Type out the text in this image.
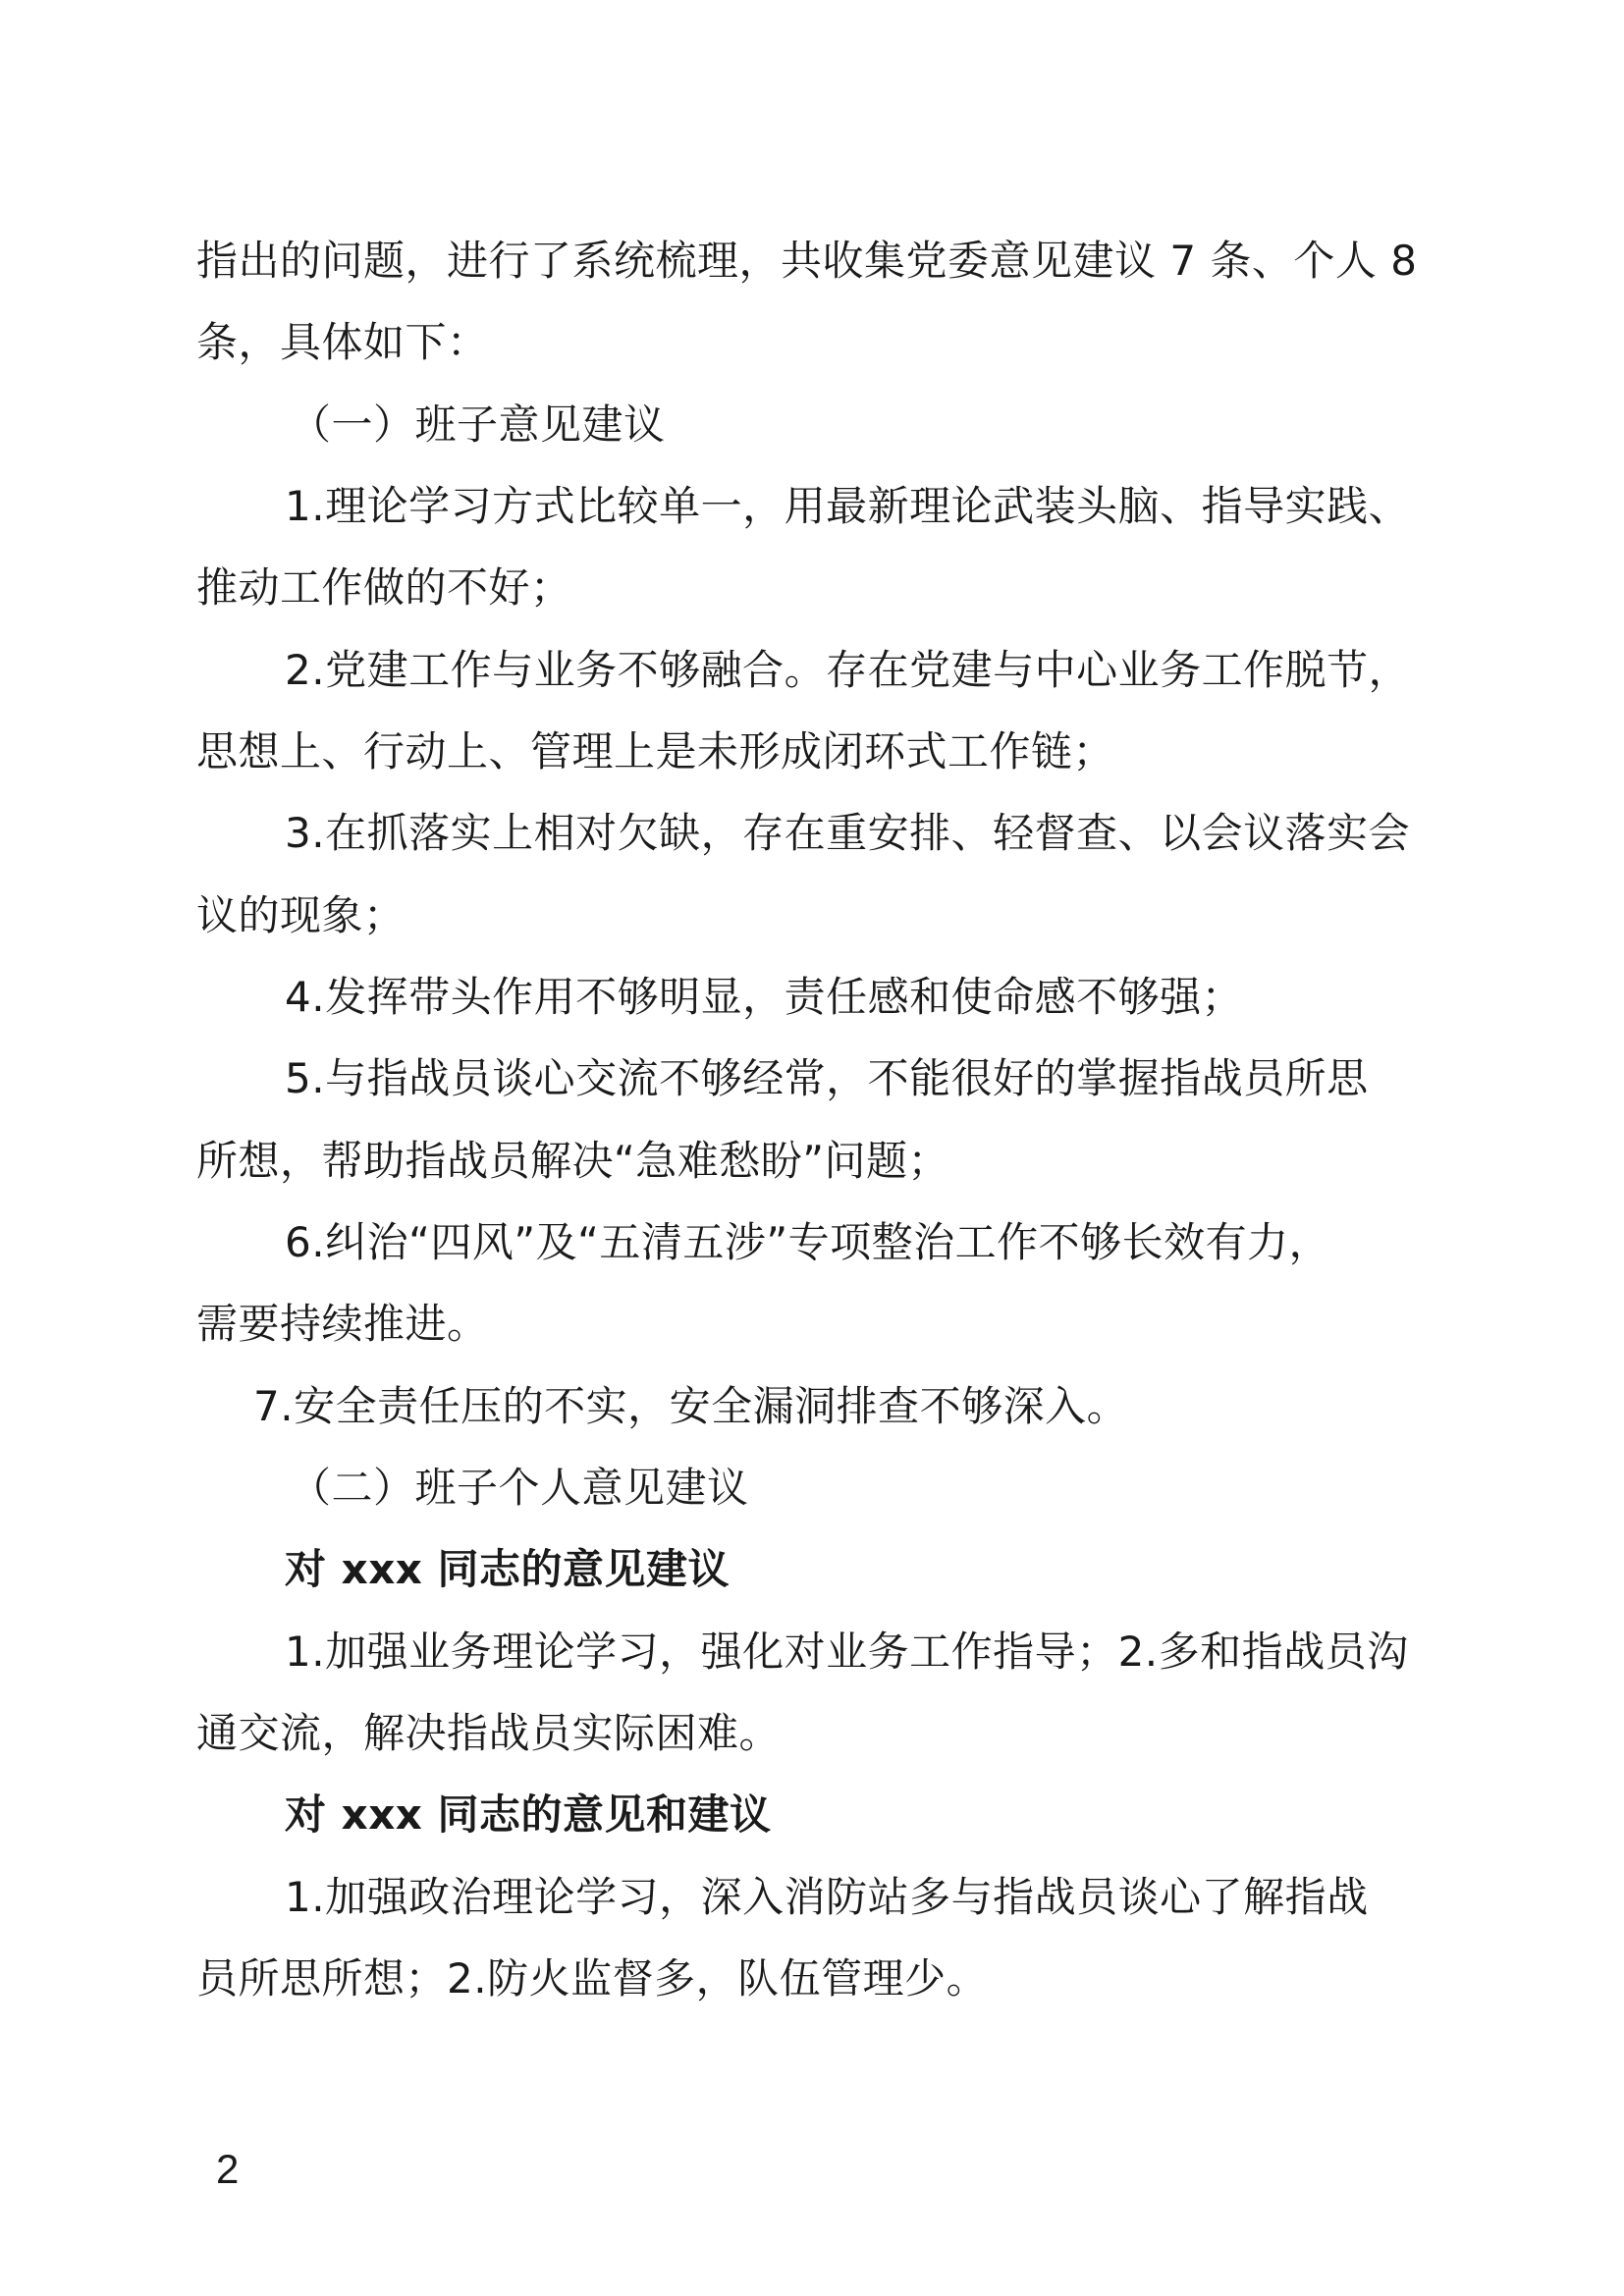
指出的问题，进行了系统梳理，共收集党委意见建议 7 条、个人 8
条，具体如下：
（一）班子意见建议
1.理论学习方式比较单一，用最新理论武装头脑、指导实践、
推动工作做的不好；
2.党建工作与业务不够融合。存在党建与中心业务工作脱节，
思想上、行动上、管理上是未形成闭环式工作链；
3.在抓落实上相对欠缺，存在重安排、轻督查、以会议落实会
议的现象；
4.发挥带头作用不够明显，责任感和使命感不够强；
5.与指战员谈心交流不够经常，不能很好的掌握指战员所思
所想，帮助指战员解决“急难愁盼”问题；
6.纠治“四风”及“五清五涉”专项整治工作不够长效有力，
需要持续推进。
7.安全责任压的不实，安全漏洞排查不够深入。
（二）班子个人意见建议
对 xxx 同志的意见建议
1.加强业务理论学习，强化对业务工作指导；2.多和指战员沟
通交流，解决指战员实际困难。
对 xxx 同志的意见和建议
1.加强政治理论学习，深入消防站多与指战员谈心了解指战
员所思所想；2.防火监督多，队伍管理少。
2
